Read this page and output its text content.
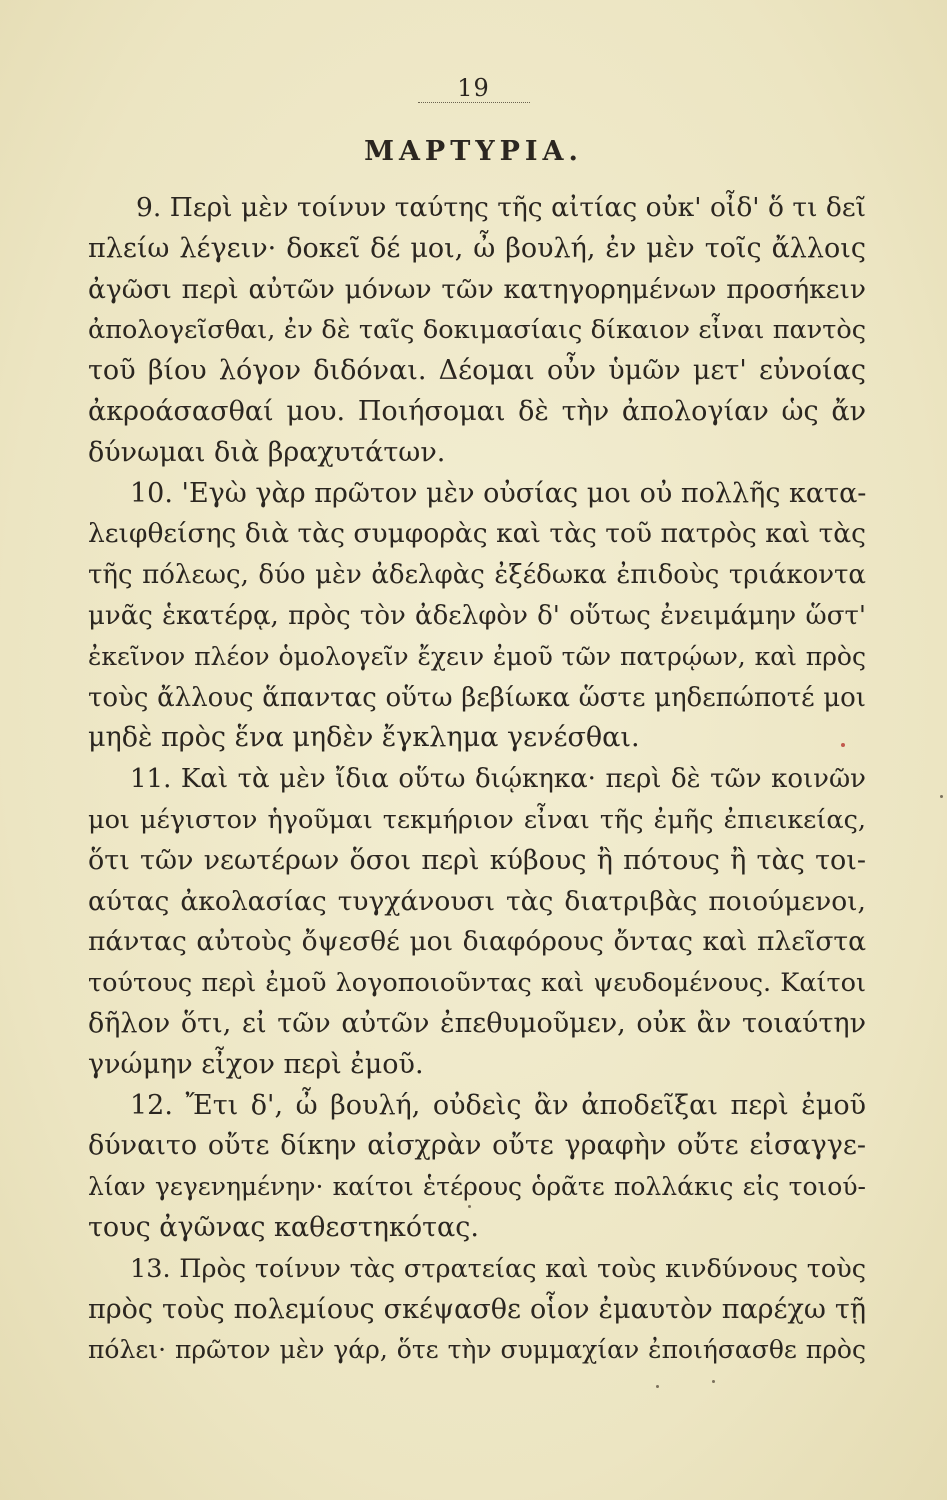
19
ΜΑΡΤΥΡΙΑ.
9. Περὶ μὲν τοίνυν ταύτης τῆς αἰτίας οὐκ' οἶδ' ὅ τι δεῖ
πλείω λέγειν· δοκεῖ δέ μοι, ὦ βουλή, ἐν μὲν τοῖς ἄλλοις
ἀγῶσι περὶ αὐτῶν μόνων τῶν κατηγορημένων προσήκειν
ἀπολογεῖσθαι, ἐν δὲ ταῖς δοκιμασίαις δίκαιον εἶναι παντὸς
τοῦ βίου λόγον διδόναι. Δέομαι οὖν ὑμῶν μετ' εὐνοίας
ἀκροάσασθαί μου. Ποιήσομαι δὲ τὴν ἀπολογίαν ὡς ἄν
δύνωμαι διὰ βραχυτάτων.
10. 'Εγὼ γὰρ πρῶτον μὲν οὐσίας μοι οὐ πολλῆς κατα-
λειφθείσης διὰ τὰς συμφορὰς καὶ τὰς τοῦ πατρὸς καὶ τὰς
τῆς πόλεως, δύο μὲν ἀδελφὰς ἐξέδωκα ἐπιδοὺς τριάκοντα
μνᾶς ἑκατέρᾳ, πρὸς τὸν ἀδελφὸν δ' οὕτως ἐνειμάμην ὥστ'
ἐκεῖνον πλέον ὁμολογεῖν ἔχειν ἐμοῦ τῶν πατρῴων, καὶ πρὸς
τοὺς ἄλλους ἅπαντας οὕτω βεβίωκα ὥστε μηδεπώποτέ μοι
μηδὲ πρὸς ἕνα μηδὲν ἔγκλημα γενέσθαι.
11. Καὶ τὰ μὲν ἴδια οὕτω διῴκηκα· περὶ δὲ τῶν κοινῶν
μοι μέγιστον ἡγοῦμαι τεκμήριον εἶναι τῆς ἐμῆς ἐπιεικείας,
ὅτι τῶν νεωτέρων ὅσοι περὶ κύβους ἢ πότους ἢ τὰς τοι-
αύτας ἀκολασίας τυγχάνουσι τὰς διατριβὰς ποιούμενοι,
πάντας αὐτοὺς ὄψεσθέ μοι διαφόρους ὄντας καὶ πλεῖστα
τούτους περὶ ἐμοῦ λογοποιοῦντας καὶ ψευδομένους. Καίτοι
δῆλον ὅτι, εἰ τῶν αὐτῶν ἐπεθυμοῦμεν, οὐκ ἂν τοιαύτην
γνώμην εἶχον περὶ ἐμοῦ.
12. Ἔτι δ', ὦ βουλή, οὐδεὶς ἂν ἀποδεῖξαι περὶ ἐμοῦ
δύναιτο οὔτε δίκην αἰσχρὰν οὔτε γραφὴν οὔτε εἰσαγγε-
λίαν γεγενημένην· καίτοι ἑτέρους ὁρᾶτε πολλάκις εἰς τοιού-
τους ἀγῶνας καθεστηκότας.
13. Πρὸς τοίνυν τὰς στρατείας καὶ τοὺς κινδύνους τοὺς
πρὸς τοὺς πολεμίους σκέψασθε οἷον ἐμαυτὸν παρέχω τῇ
πόλει· πρῶτον μὲν γάρ, ὅτε τὴν συμμαχίαν ἐποιήσασθε πρὸς
